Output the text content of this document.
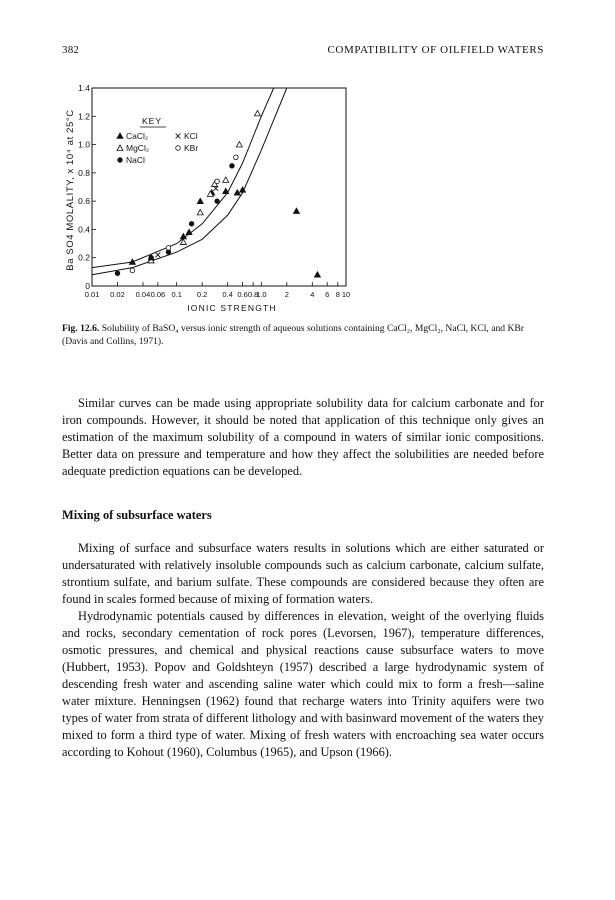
382	COMPATIBILITY OF OILFIELD WATERS
0
0.2
0.4
0.6
0.8
1.0
1.2
1.4
0.01 0.02 0.04 0.06 0.1 0.2 0.4 0.6 0.8
1.0 2	4 6 8 10
CaCl₂
MgCl₂
NaCl
KCl
KBr
Ba SO4 MOLALITY, x 10⁴ at 25°C
IONIC STRENGTH
KEY
Fig. 12.6. Solubility of BaSO₄ versus ionic strength of aqueous solutions containing CaCl₂, MgCl₂, NaCl, KCl, and KBr (Davis and Collins, 1971).

Similar curves can be made using appropriate solubility data for calcium carbonate and for iron compounds. However, it should be noted that application of this technique only gives an estimation of the maximum solubility of a compound in waters of similar ionic compositions. Better data on pressure and temperature and how they affect the solubilities are needed before adequate prediction equations can be developed.

Mixing of subsurface waters

Mixing of surface and subsurface waters results in solutions which are either saturated or undersaturated with relatively insoluble compounds such as calcium carbonate, calcium sulfate, strontium sulfate, and barium sulfate. These compounds are considered because they often are found in scales formed because of mixing of formation waters.

Hydrodynamic potentials caused by differences in elevation, weight of the overlying fluids and rocks, secondary cementation of rock pores (Levorsen, 1967), temperature differences, osmotic pressures, and chemical and physical reactions cause subsurface waters to move (Hubbert, 1953). Popov and Goldshteyn (1957) described a large hydrodynamic system of descending fresh water and ascending saline water which could mix to form a fresh—saline water mixture. Henningsen (1962) found that recharge waters into Trinity aquifers were two types of water from strata of different lithology and with basinward movement of the waters they mixed to form a third type of water. Mixing of fresh waters with encroaching sea water occurs according to Kohout (1960), Columbus (1965), and Upson (1966).
